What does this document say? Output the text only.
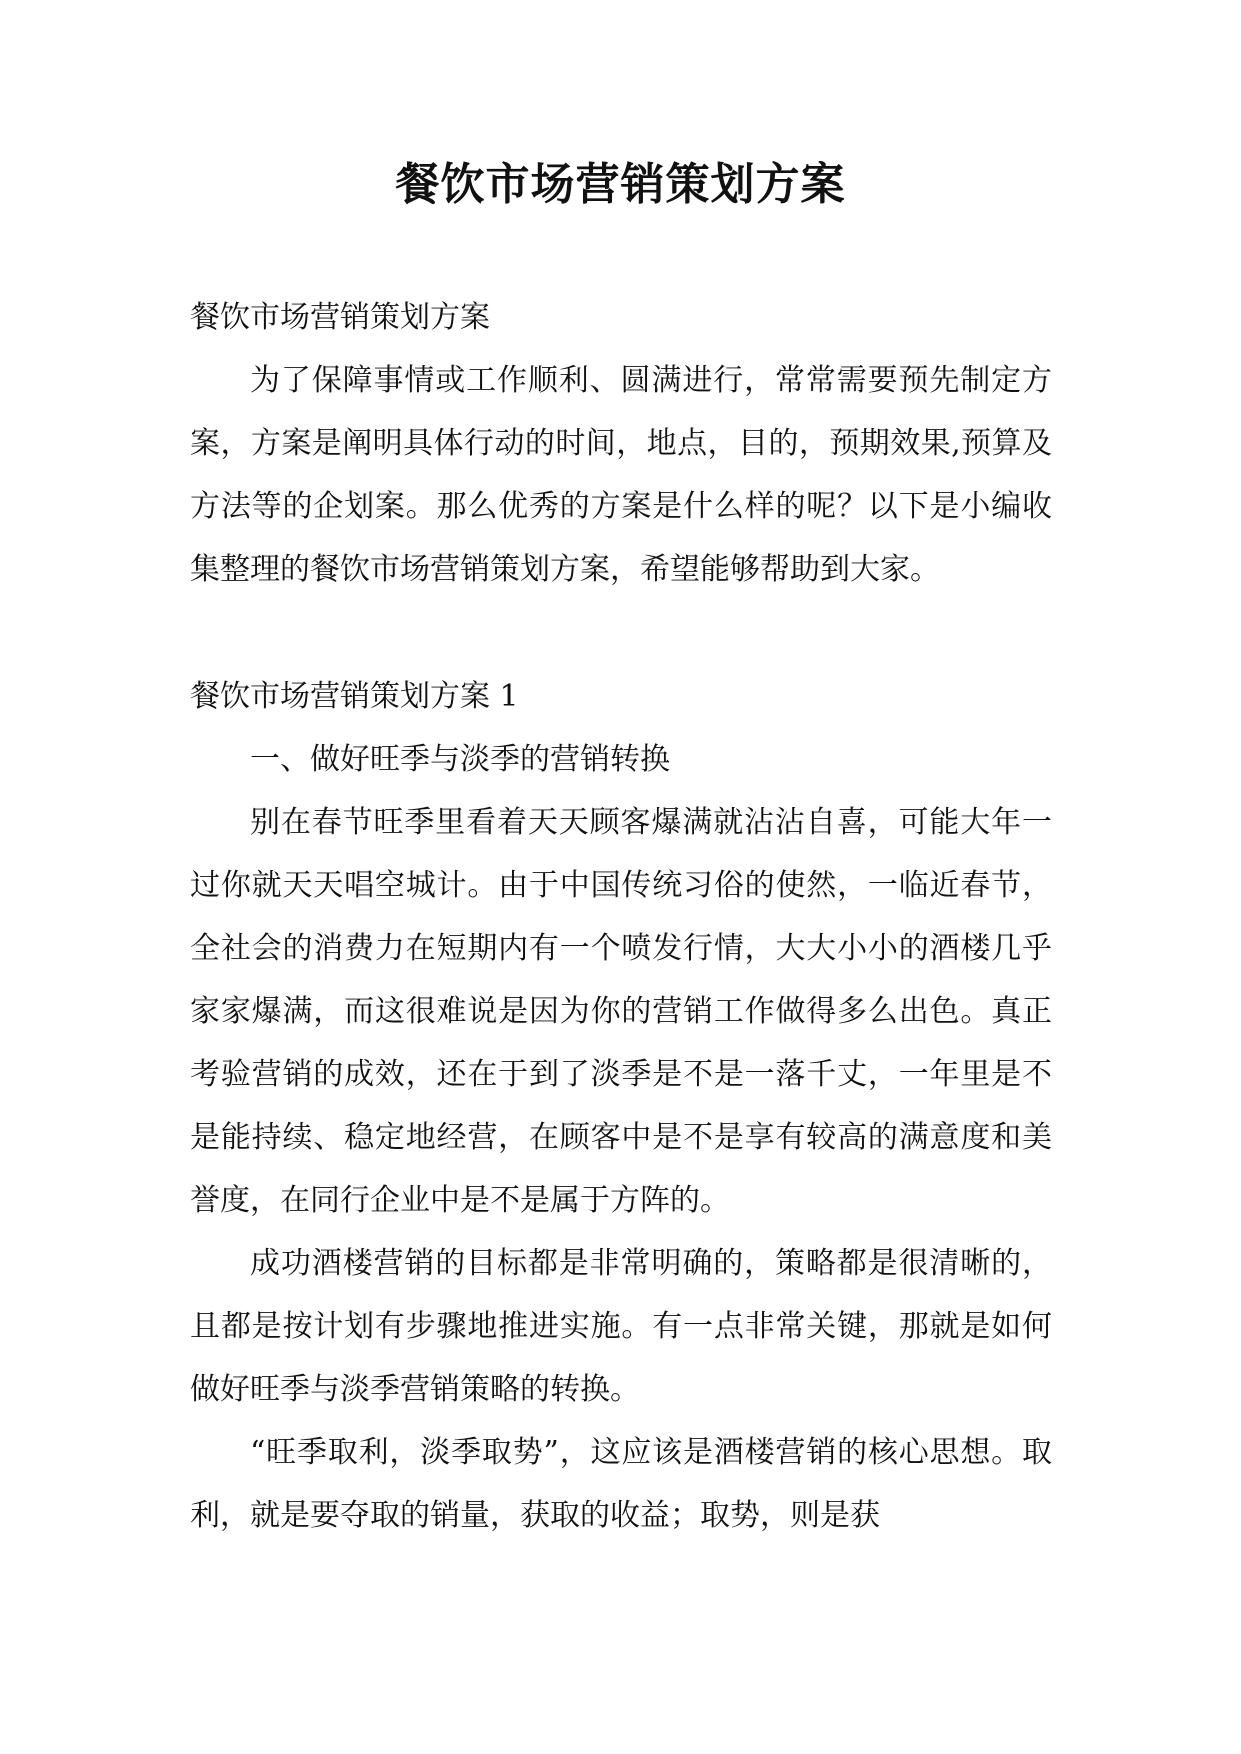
餐饮市场营销策划方案

餐饮市场营销策划方案

为了保障事情或工作顺利、圆满进行，常常需要预先制定方案，方案是阐明具体行动的时间，地点，目的，预期效果,预算及方法等的企划案。那么优秀的方案是什么样的呢？以下是小编收集整理的餐饮市场营销策划方案，希望能够帮助到大家。

餐饮市场营销策划方案 1

一、做好旺季与淡季的营销转换

别在春节旺季里看着天天顾客爆满就沾沾自喜，可能大年一过你就天天唱空城计。由于中国传统习俗的使然，一临近春节，全社会的消费力在短期内有一个喷发行情，大大小小的酒楼几乎家家爆满，而这很难说是因为你的营销工作做得多么出色。真正考验营销的成效，还在于到了淡季是不是一落千丈，一年里是不是能持续、稳定地经营，在顾客中是不是享有较高的满意度和美誉度，在同行企业中是不是属于方阵的。

成功酒楼营销的目标都是非常明确的，策略都是很清晰的，且都是按计划有步骤地推进实施。有一点非常关键，那就是如何做好旺季与淡季营销策略的转换。

“旺季取利，淡季取势”，这应该是酒楼营销的核心思想。取利，就是要夺取的销量，获取的收益；取势，则是获
